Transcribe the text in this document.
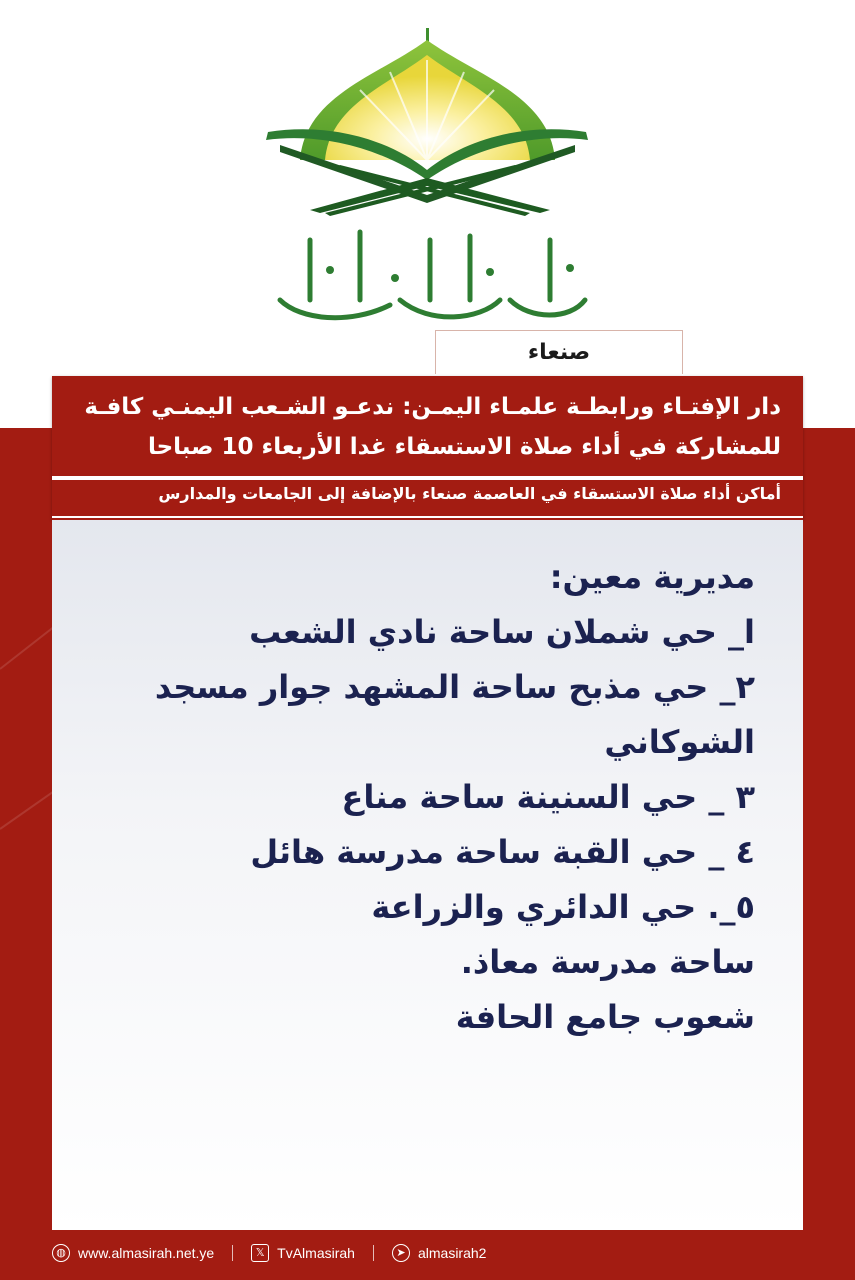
صنعاء
دار الإفتـاء ورابطـة علمـاء اليمـن: ندعـو الشـعب اليمنـي كافـة
للمشاركة في أداء صلاة الاستسقاء غدا الأربعاء 10 صباحا
أماكن أداء صلاة الاستسقاء في العاصمة صنعاء بالإضافة إلى الجامعات والمدارس
مديرية معين:
ا_ حي شملان ساحة نادي الشعب
٢_ حي مذبح ساحة المشهد جوار مسجد
الشوكاني
٣ _ حي السنينة ساحة مناع
٤ _ حي القبة ساحة مدرسة هائل
٥_. حي الدائري والزراعة
ساحة مدرسة معاذ.
شعوب جامع الحافة
◍ www.almasirah.net.ye	𝕏 TvAlmasirah	➤ almasirah2
